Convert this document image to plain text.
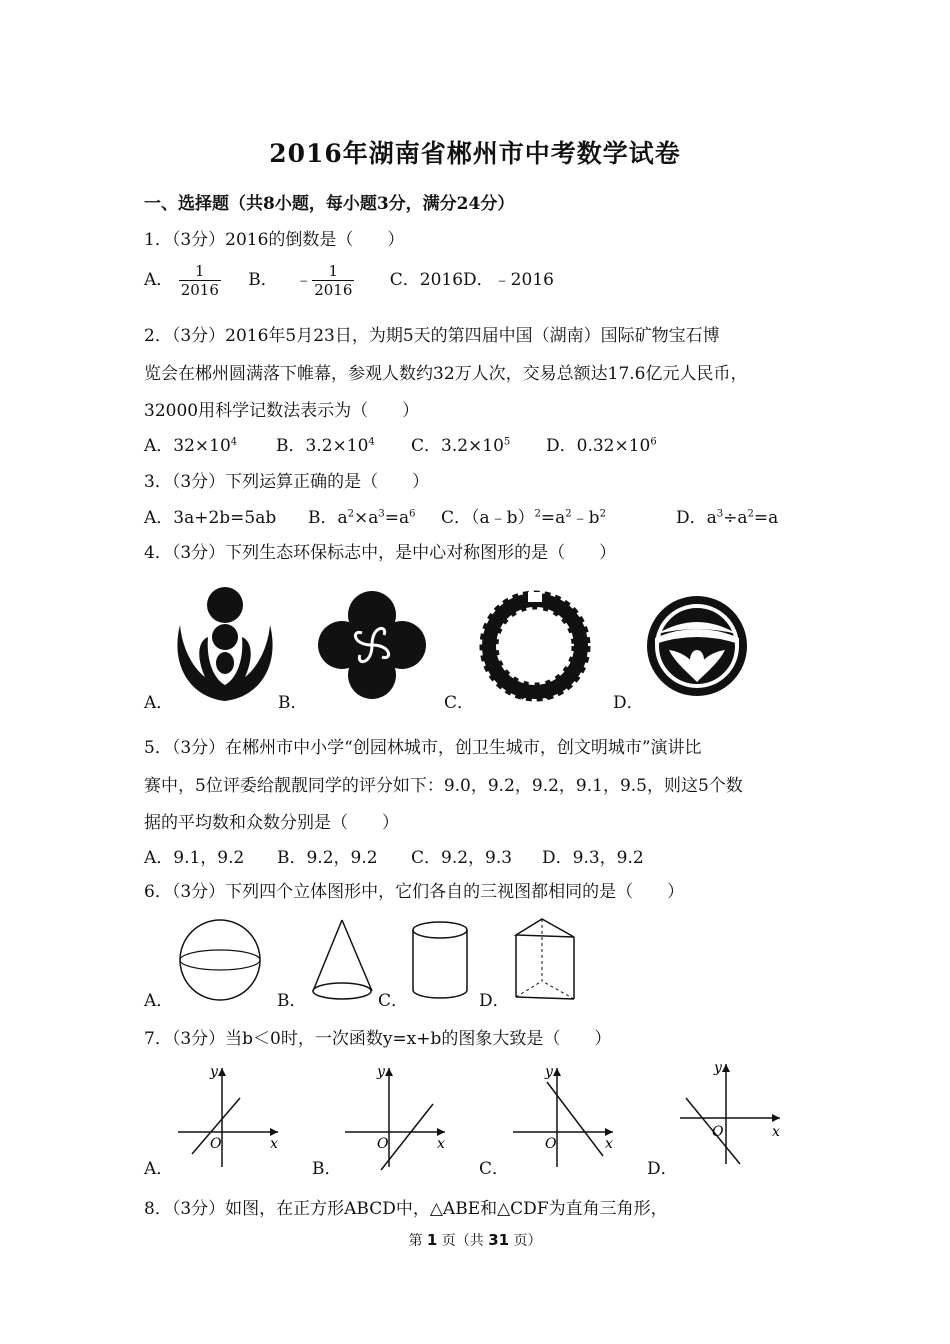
2016年湖南省郴州市中考数学试卷
一、选择题（共8小题，每小题3分，满分24分）
1．（3分）2016的倒数是（　　）
A． $\frac{1}{2016}$ B． ﹣ $\frac{1}{2016}$ C．2016D．﹣2016
2．（3分）2016年5月23日，为期5天的第四届中国（湖南）国际矿物宝石博
览会在郴州圆满落下帷幕，参观人数约32万人次，交易总额达17.6亿元人民币，
32000用科学记数法表示为（　　）
A．$32\times 10^4$ B．$3.2\times 10^4$ C．$3.2\times 10^5$ D．$0.32\times 10^6$
3．（3分）下列运算正确的是（　　）
A．3a+2b=5ab B．$a^2\times a^3=a^6$ C．$(a﹣b)^2=a^2﹣b^2$	D．$a^3\div a^2=a$
4．（3分）下列生态环保标志中，是中心对称图形的是（　　）
A．	B．	C．	D．
5．（3分）在郴州市中小学“创园林城市，创卫生城市，创文明城市”演讲比
赛中，5位评委给靓靓同学的评分如下：9.0，9.2，9.2，9.1，9.5，则这5个数
据的平均数和众数分别是（　　）
A．9.1，9.2 B．9.2，9.2 C．9.2，9.3 D．9.3，9.2
6．（3分）下列四个立体图形中，它们各自的三视图都相同的是（　　）
A．	B．	C．	D．
7．（3分）当b＜0时，一次函数y=x+b的图象大致是（　　）
y
x
O
y
x
O
y
x
O
y
x
O
A．	B．	C．	D．
8．（3分）如图，在正方形ABCD中，△ABE和△CDF为直角三角形，
第 1 页（共 31 页）
